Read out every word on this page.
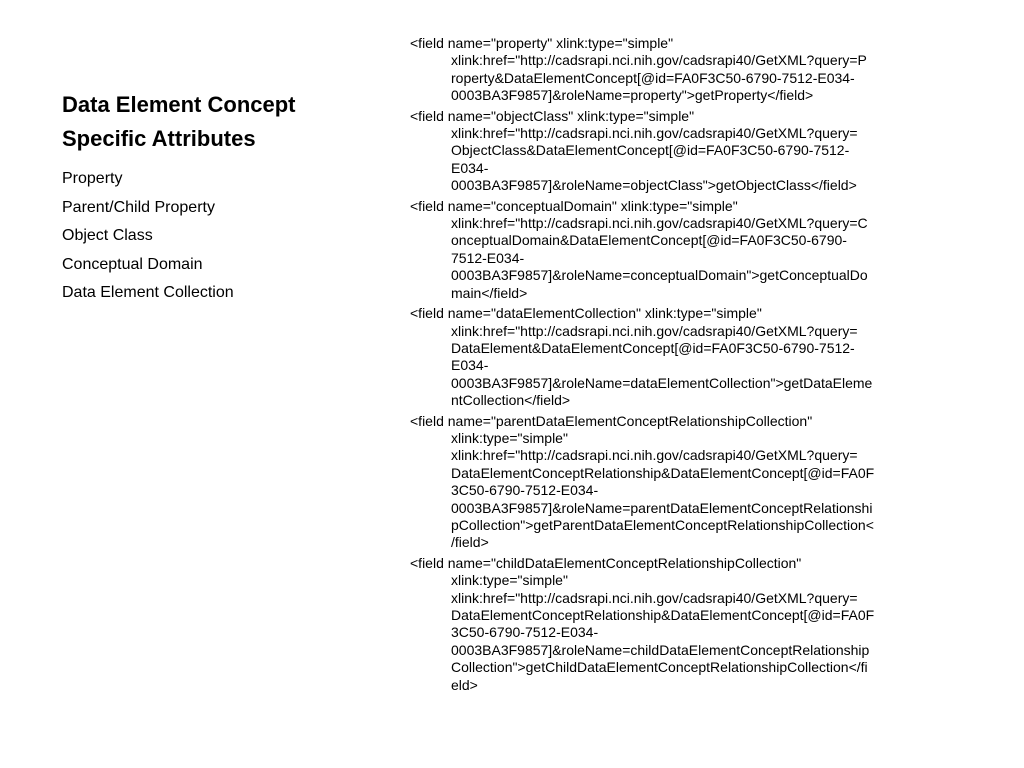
Data Element Concept
Specific Attributes
Property
Parent/Child Property
Object Class
Conceptual Domain
Data Element Collection
<field name="property" xlink:type="simple"
xlink:href="http://cadsrapi.nci.nih.gov/cadsrapi40/GetXML?query=P
roperty&DataElementConcept[@id=FA0F3C50-6790-7512-E034-
0003BA3F9857]&roleName=property">getProperty</field>
<field name="objectClass" xlink:type="simple"
xlink:href="http://cadsrapi.nci.nih.gov/cadsrapi40/GetXML?query=
ObjectClass&DataElementConcept[@id=FA0F3C50-6790-7512-
E034-
0003BA3F9857]&roleName=objectClass">getObjectClass</field>
<field name="conceptualDomain" xlink:type="simple"
xlink:href="http://cadsrapi.nci.nih.gov/cadsrapi40/GetXML?query=C
onceptualDomain&DataElementConcept[@id=FA0F3C50-6790-
7512-E034-
0003BA3F9857]&roleName=conceptualDomain">getConceptualDo
main</field>
<field name="dataElementCollection" xlink:type="simple"
xlink:href="http://cadsrapi.nci.nih.gov/cadsrapi40/GetXML?query=
DataElement&DataElementConcept[@id=FA0F3C50-6790-7512-
E034-
0003BA3F9857]&roleName=dataElementCollection">getDataEleme
ntCollection</field>
<field name="parentDataElementConceptRelationshipCollection"
xlink:type="simple"
xlink:href="http://cadsrapi.nci.nih.gov/cadsrapi40/GetXML?query=
DataElementConceptRelationship&DataElementConcept[@id=FA0F
3C50-6790-7512-E034-
0003BA3F9857]&roleName=parentDataElementConceptRelationshi
pCollection">getParentDataElementConceptRelationshipCollection<
/field>
<field name="childDataElementConceptRelationshipCollection"
xlink:type="simple"
xlink:href="http://cadsrapi.nci.nih.gov/cadsrapi40/GetXML?query=
DataElementConceptRelationship&DataElementConcept[@id=FA0F
3C50-6790-7512-E034-
0003BA3F9857]&roleName=childDataElementConceptRelationship
Collection">getChildDataElementConceptRelationshipCollection</fi
eld>
